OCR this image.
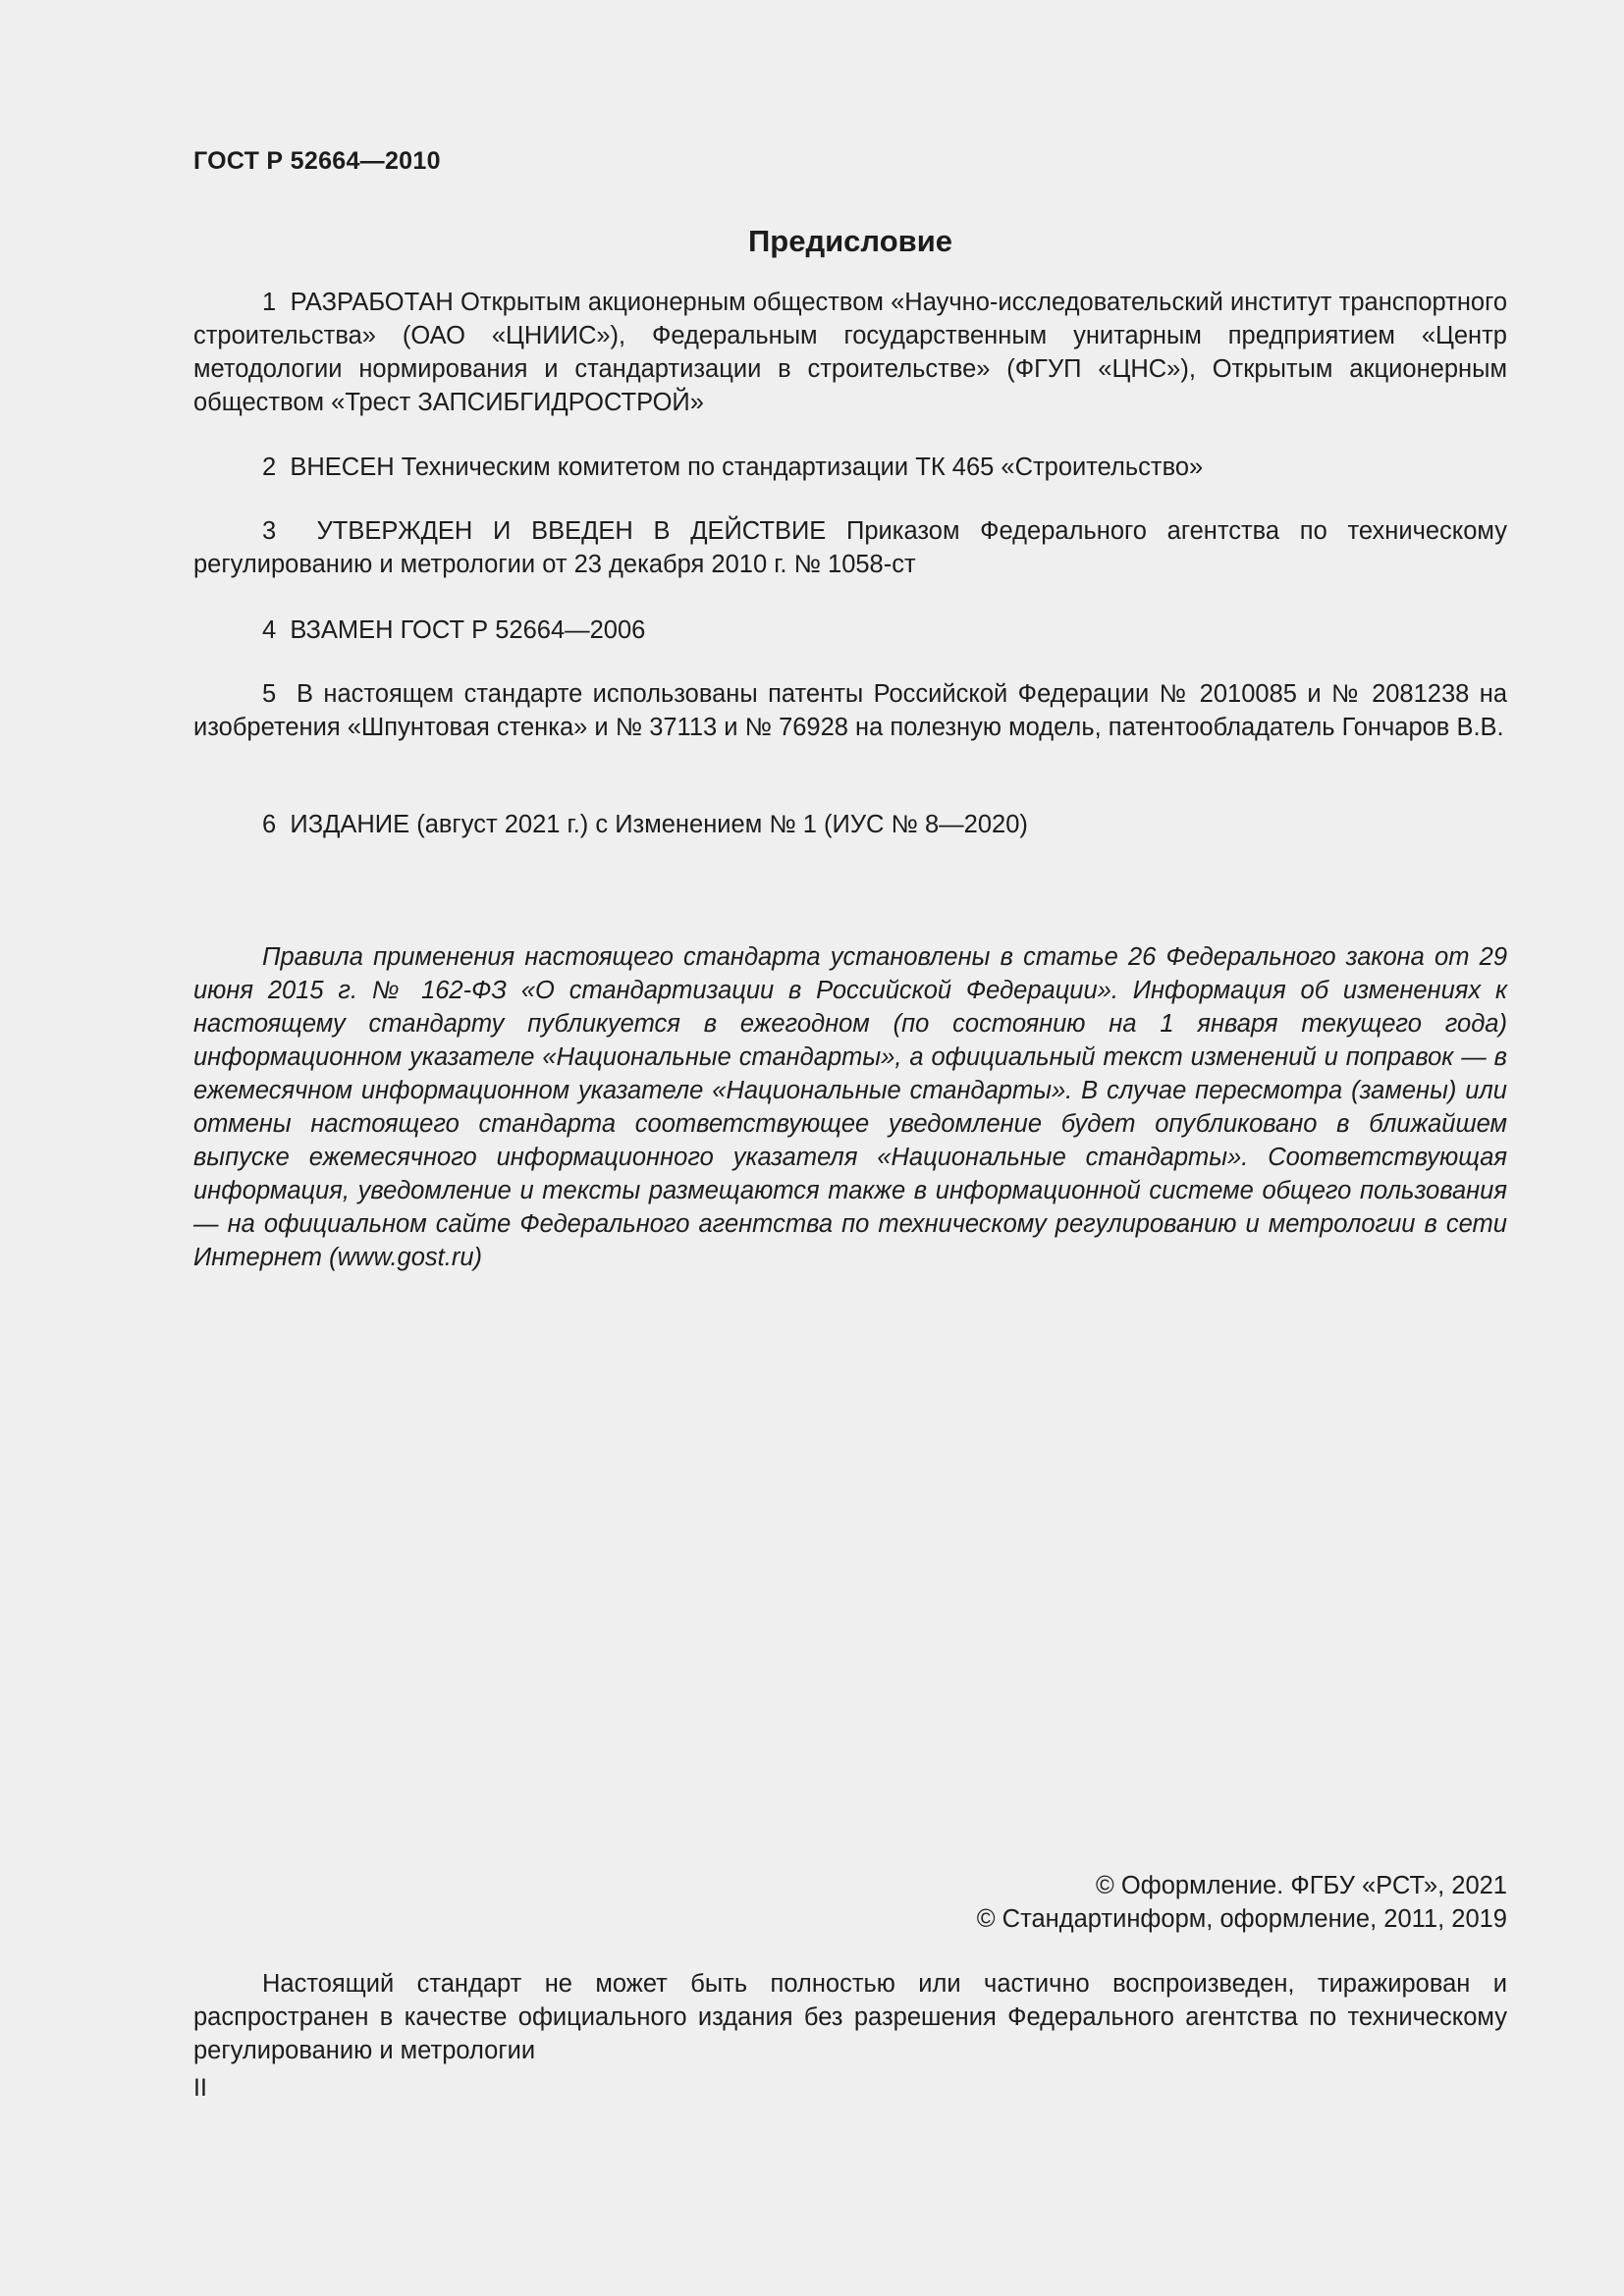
ГОСТ Р 52664—2010
Предисловие
1 РАЗРАБОТАН Открытым акционерным обществом «Научно-исследовательский институт транспортного строительства» (ОАО «ЦНИИС»), Федеральным государственным унитарным предприятием «Центр методологии нормирования и стандартизации в строительстве» (ФГУП «ЦНС»), Открытым акционерным обществом «Трест ЗАПСИБГИДРОСТРОЙ»
2 ВНЕСЕН Техническим комитетом по стандартизации ТК 465 «Строительство»
3 УТВЕРЖДЕН И ВВЕДЕН В ДЕЙСТВИЕ Приказом Федерального агентства по техническому регулированию и метрологии от 23 декабря 2010 г. № 1058-ст
4 ВЗАМЕН ГОСТ Р 52664—2006
5 В настоящем стандарте использованы патенты Российской Федерации № 2010085 и № 2081238 на изобретения «Шпунтовая стенка» и № 37113 и № 76928 на полезную модель, патентообладатель Гончаров В.В.
6 ИЗДАНИЕ (август 2021 г.) с Изменением № 1 (ИУС № 8—2020)
Правила применения настоящего стандарта установлены в статье 26 Федерального закона от 29 июня 2015 г. № 162-ФЗ «О стандартизации в Российской Федерации». Информация об изменениях к настоящему стандарту публикуется в ежегодном (по состоянию на 1 января текущего года) информационном указателе «Национальные стандарты», а официальный текст изменений и поправок — в ежемесячном информационном указателе «Национальные стандарты». В случае пересмотра (замены) или отмены настоящего стандарта соответствующее уведомление будет опубликовано в ближайшем выпуске ежемесячного информационного указателя «Национальные стандарты». Соответствующая информация, уведомление и тексты размещаются также в информационной системе общего пользования — на официальном сайте Федерального агентства по техническому регулированию и метрологии в сети Интернет (www.gost.ru)
© Оформление. ФГБУ «РСТ», 2021
© Стандартинформ, оформление, 2011, 2019
Настоящий стандарт не может быть полностью или частично воспроизведен, тиражирован и распространен в качестве официального издания без разрешения Федерального агентства по техническому регулированию и метрологии
II
